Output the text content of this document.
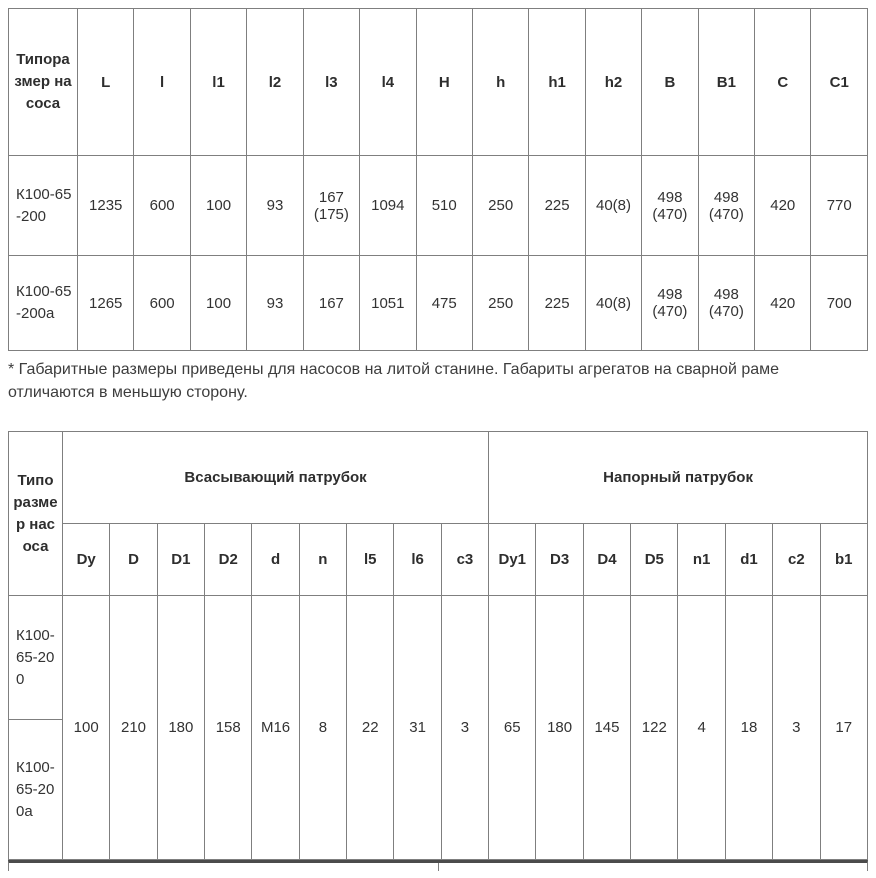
Типоразмер насоса	L	l	l1	l2	l3	l4	H	h	h1	h2	B	B1	C	C1
К100-65-200	1235	600	100	93	167 (175)	1094	510	250	225	40(8)	498 (470)	498 (470)	420	770
К100-65-200а	1265	600	100	93	167	1051	475	250	225	40(8)	498 (470)	498 (470)	420	700

* Габаритные размеры приведены для насосов на литой станине. Габариты агрегатов на сварной раме отличаются в меньшую сторону.

Типоразмер насоса	Всасывающий патрубок									Напорный патрубок							
	Dy	D	D1	D2	d	n	l5	l6	c3	Dy1	D3	D4	D5	n1	d1	c2	b1
К100-65-200	100	210	180	158	М16	8	22	31	3	65	180	145	122	4	18	3	17
К100-65-200а																	
